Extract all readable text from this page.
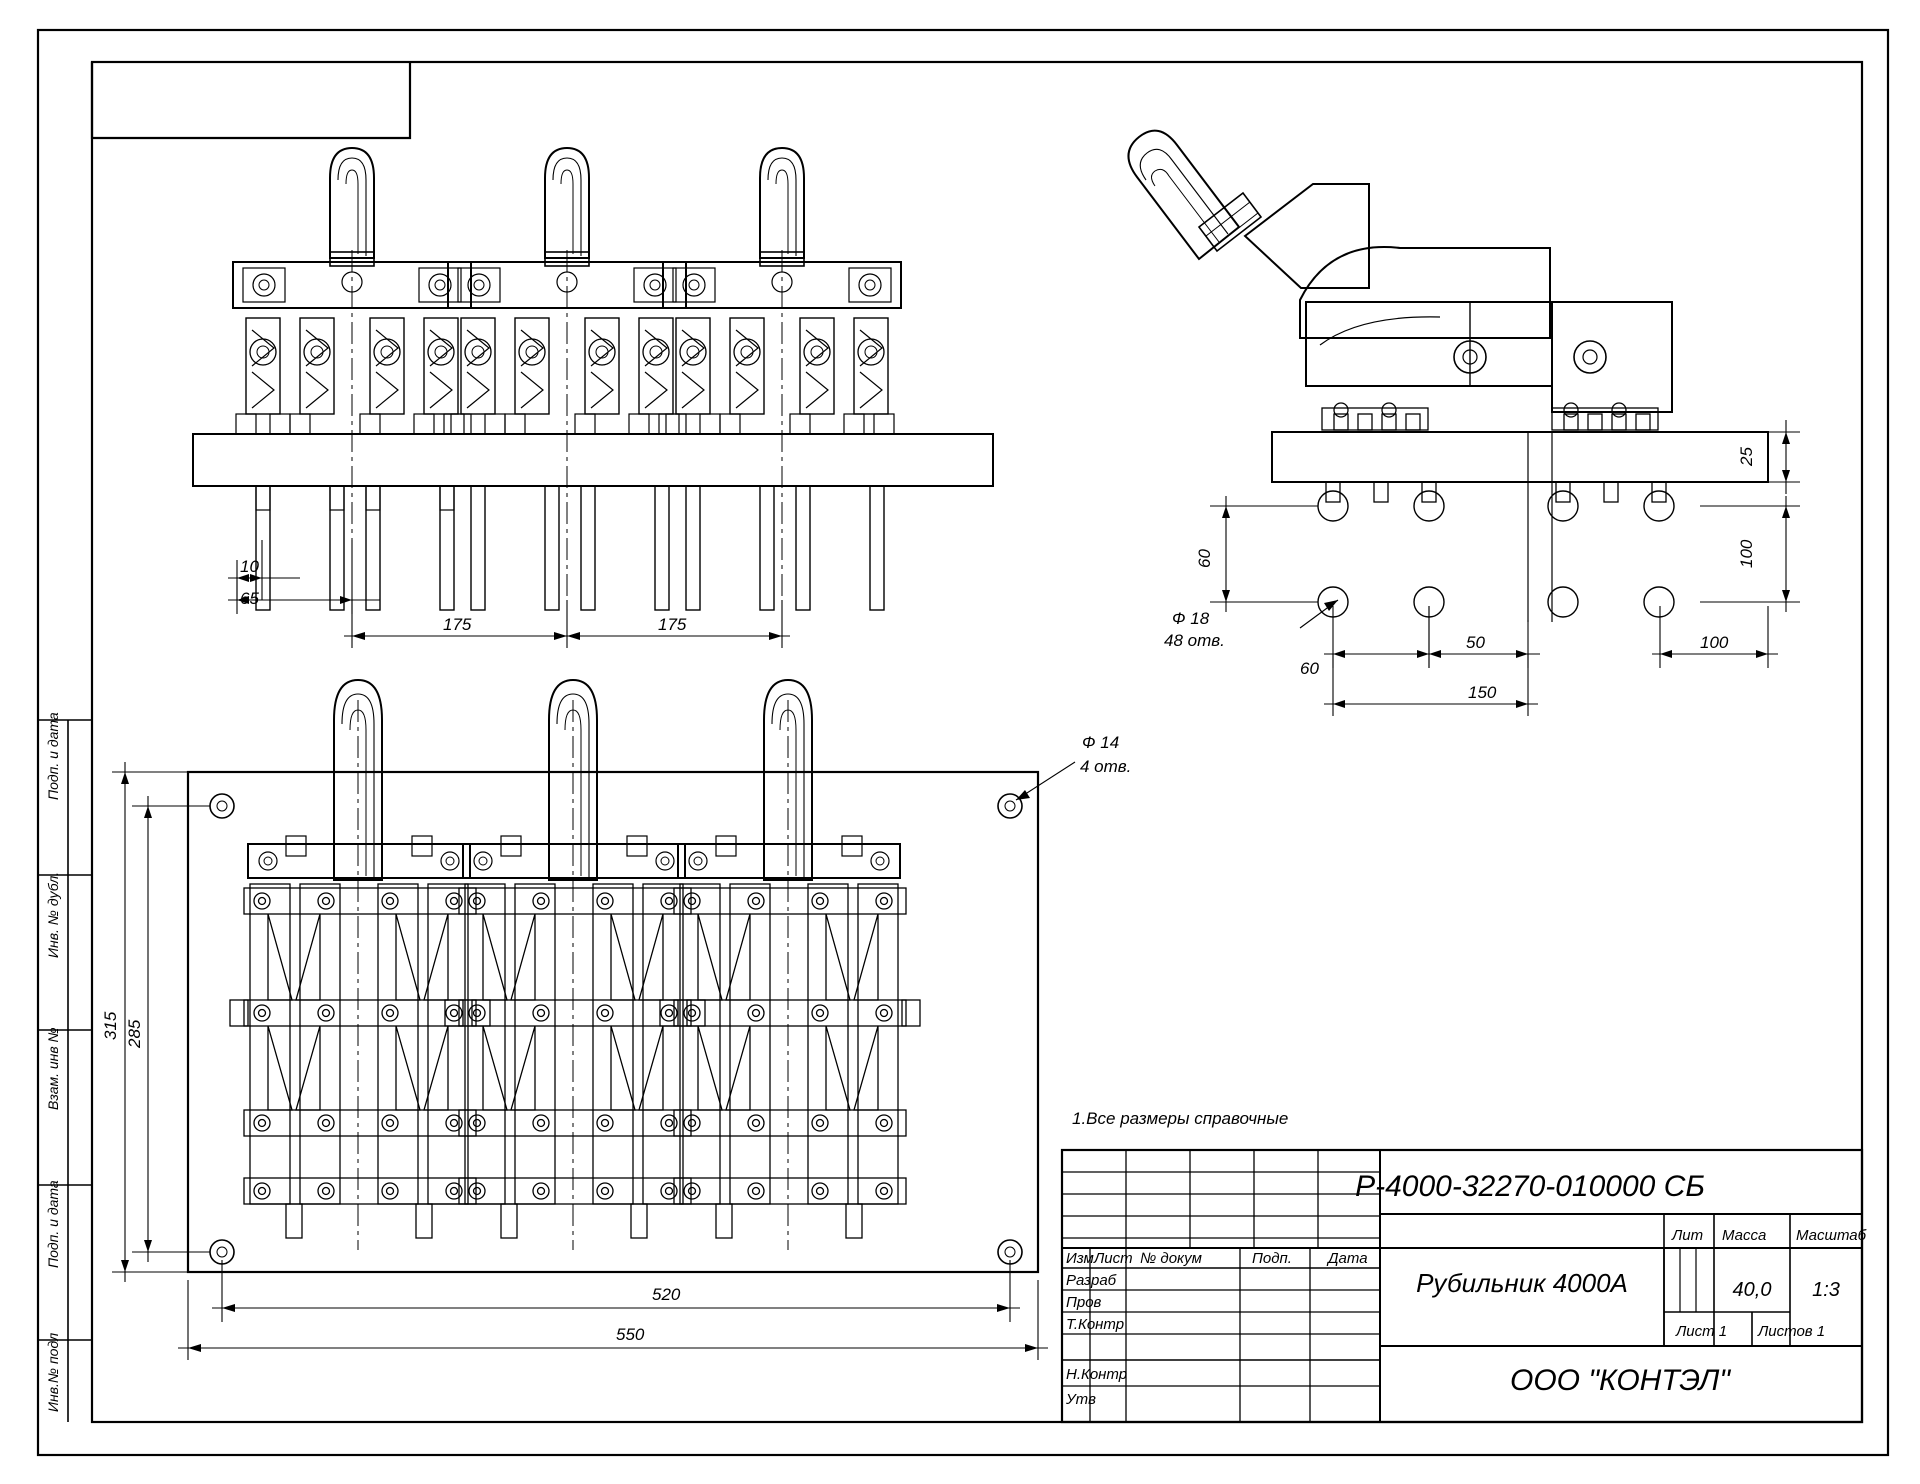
Подп. и дата
Инв. № дубл.
Взам. инв №
Подп. и дата
Инв.№ подл
10
65
175	175
25
100
60
60
50	100
150
Ф 18
48 отв.
315 285
520
550
Ф 14
4 отв.
1.Все размеры справочные
Р-4000-32270-010000 СБ
Рубильник 4000А
ООО "КОНТЭЛ"
Изм Лист № докум	Подп. Дата
Разраб
Пров
Т.Контр
Н.Контр
Утв
Лит Масса Масштаб
40,0 1:3
Лист 1 Листов 1
